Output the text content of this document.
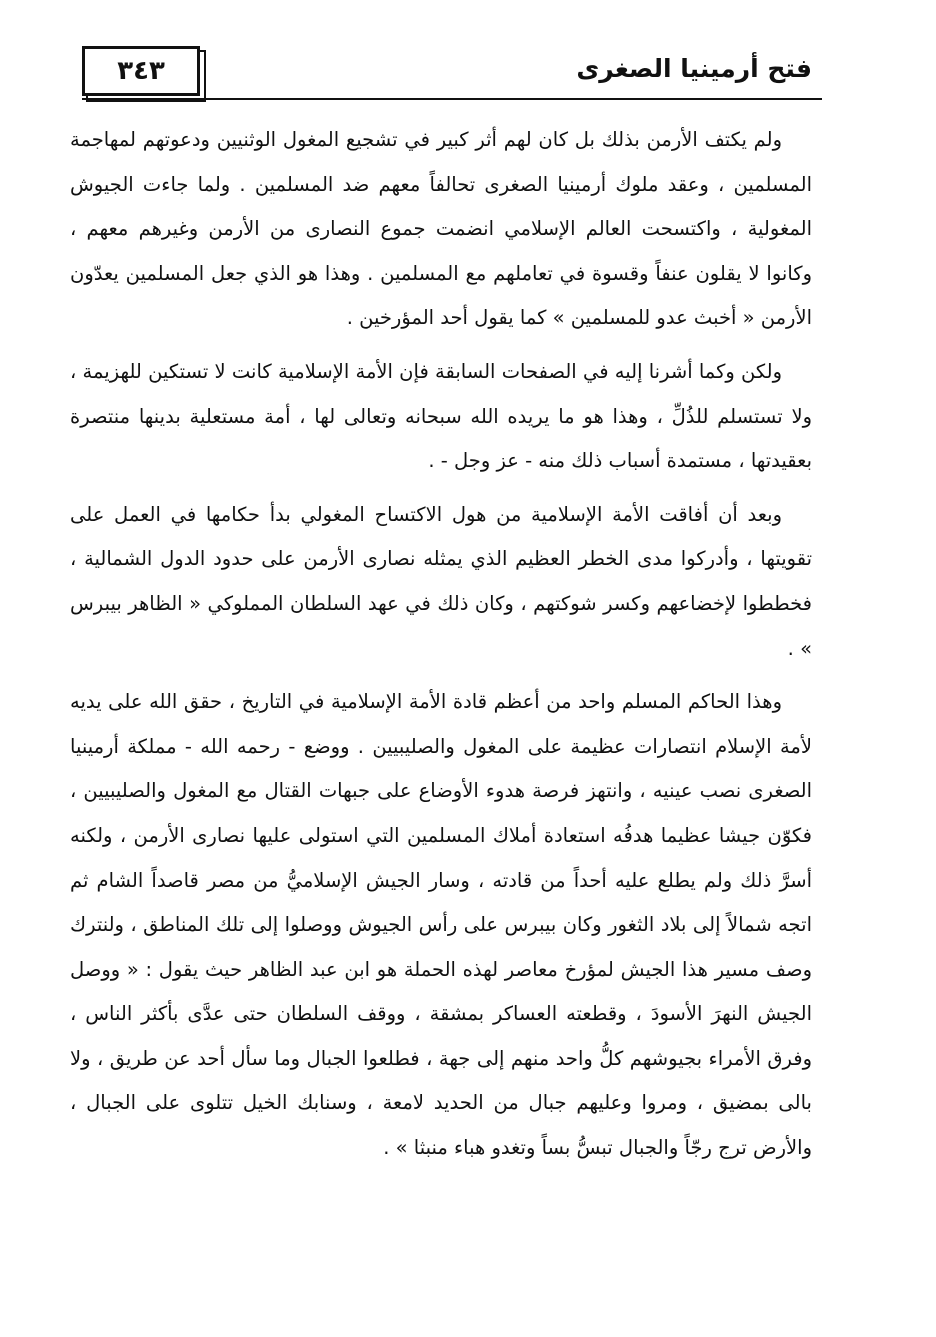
٣٤٣	فتح أرمينيا الصغرى

ولم يكتف الأرمن بذلك بل كان لهم أثر كبير في تشجيع المغول الوثنيين ودعوتهم لمهاجمة المسلمين ، وعقد ملوك أرمينيا الصغرى تحالفاً معهم ضد المسلمين . ولما جاءت الجيوش المغولية ، واكتسحت العالم الإسلامي انضمت جموع النصارى من الأرمن وغيرهم معهم ، وكانوا لا يقلون عنفاً وقسوة في تعاملهم مع المسلمين . وهذا هو الذي جعل المسلمين يعدّون الأرمن « أخبث عدو للمسلمين » كما يقول أحد المؤرخين .

ولكن وكما أشرنا إليه في الصفحات السابقة فإن الأمة الإسلامية كانت لا تستكين للهزيمة ، ولا تستسلم للذُلِّ ، وهذا هو ما يريده الله سبحانه وتعالى لها ، أمة مستعلية بدينها منتصرة بعقيدتها ، مستمدة أسباب ذلك منه - عز وجل - .

وبعد أن أفاقت الأمة الإسلامية من هول الاكتساح المغولي بدأ حكامها في العمل على تقويتها ، وأدركوا مدى الخطر العظيم الذي يمثله نصارى الأرمن على حدود الدول الشمالية ، فخططوا لإخضاعهم وكسر شوكتهم ، وكان ذلك في عهد السلطان المملوكي « الظاهر بيبرس » .

وهذا الحاكم المسلم واحد من أعظم قادة الأمة الإسلامية في التاريخ ، حقق الله على يديه لأمة الإسلام انتصارات عظيمة على المغول والصليبيين . ووضع - رحمه الله - مملكة أرمينيا الصغرى نصب عينيه ، وانتهز فرصة هدوء الأوضاع على جبهات القتال مع المغول والصليبيين ، فكوّن جيشا عظيما هدفُه استعادة أملاك المسلمين التي استولى عليها نصارى الأرمن ، ولكنه أسرَّ ذلك ولم يطلع عليه أحداً من قادته ، وسار الجيش الإسلاميُّ من مصر قاصداً الشام ثم اتجه شمالاً إلى بلاد الثغور وكان بيبرس على رأس الجيوش ووصلوا إلى تلك المناطق ، ولنترك وصف مسير هذا الجيش لمؤرخ معاصر لهذه الحملة هو ابن عبد الظاهر حيث يقول : « ووصل الجيش النهرَ الأسودَ ، وقطعته العساكر بمشقة ، ووقف السلطان حتى عدَّى بأكثر الناس ، وفرق الأمراء بجيوشهم كلُّ واحد منهم إلى جهة ، فطلعوا الجبال وما سأل أحد عن طريق ، ولا بالى بمضيق ، ومروا وعليهم جبال من الحديد لامعة ، وسنابك الخيل تتلوى على الجبال ، والأرض ترج رجّاً والجبال تبسُّ بساً وتغدو هباء منبثا » .
